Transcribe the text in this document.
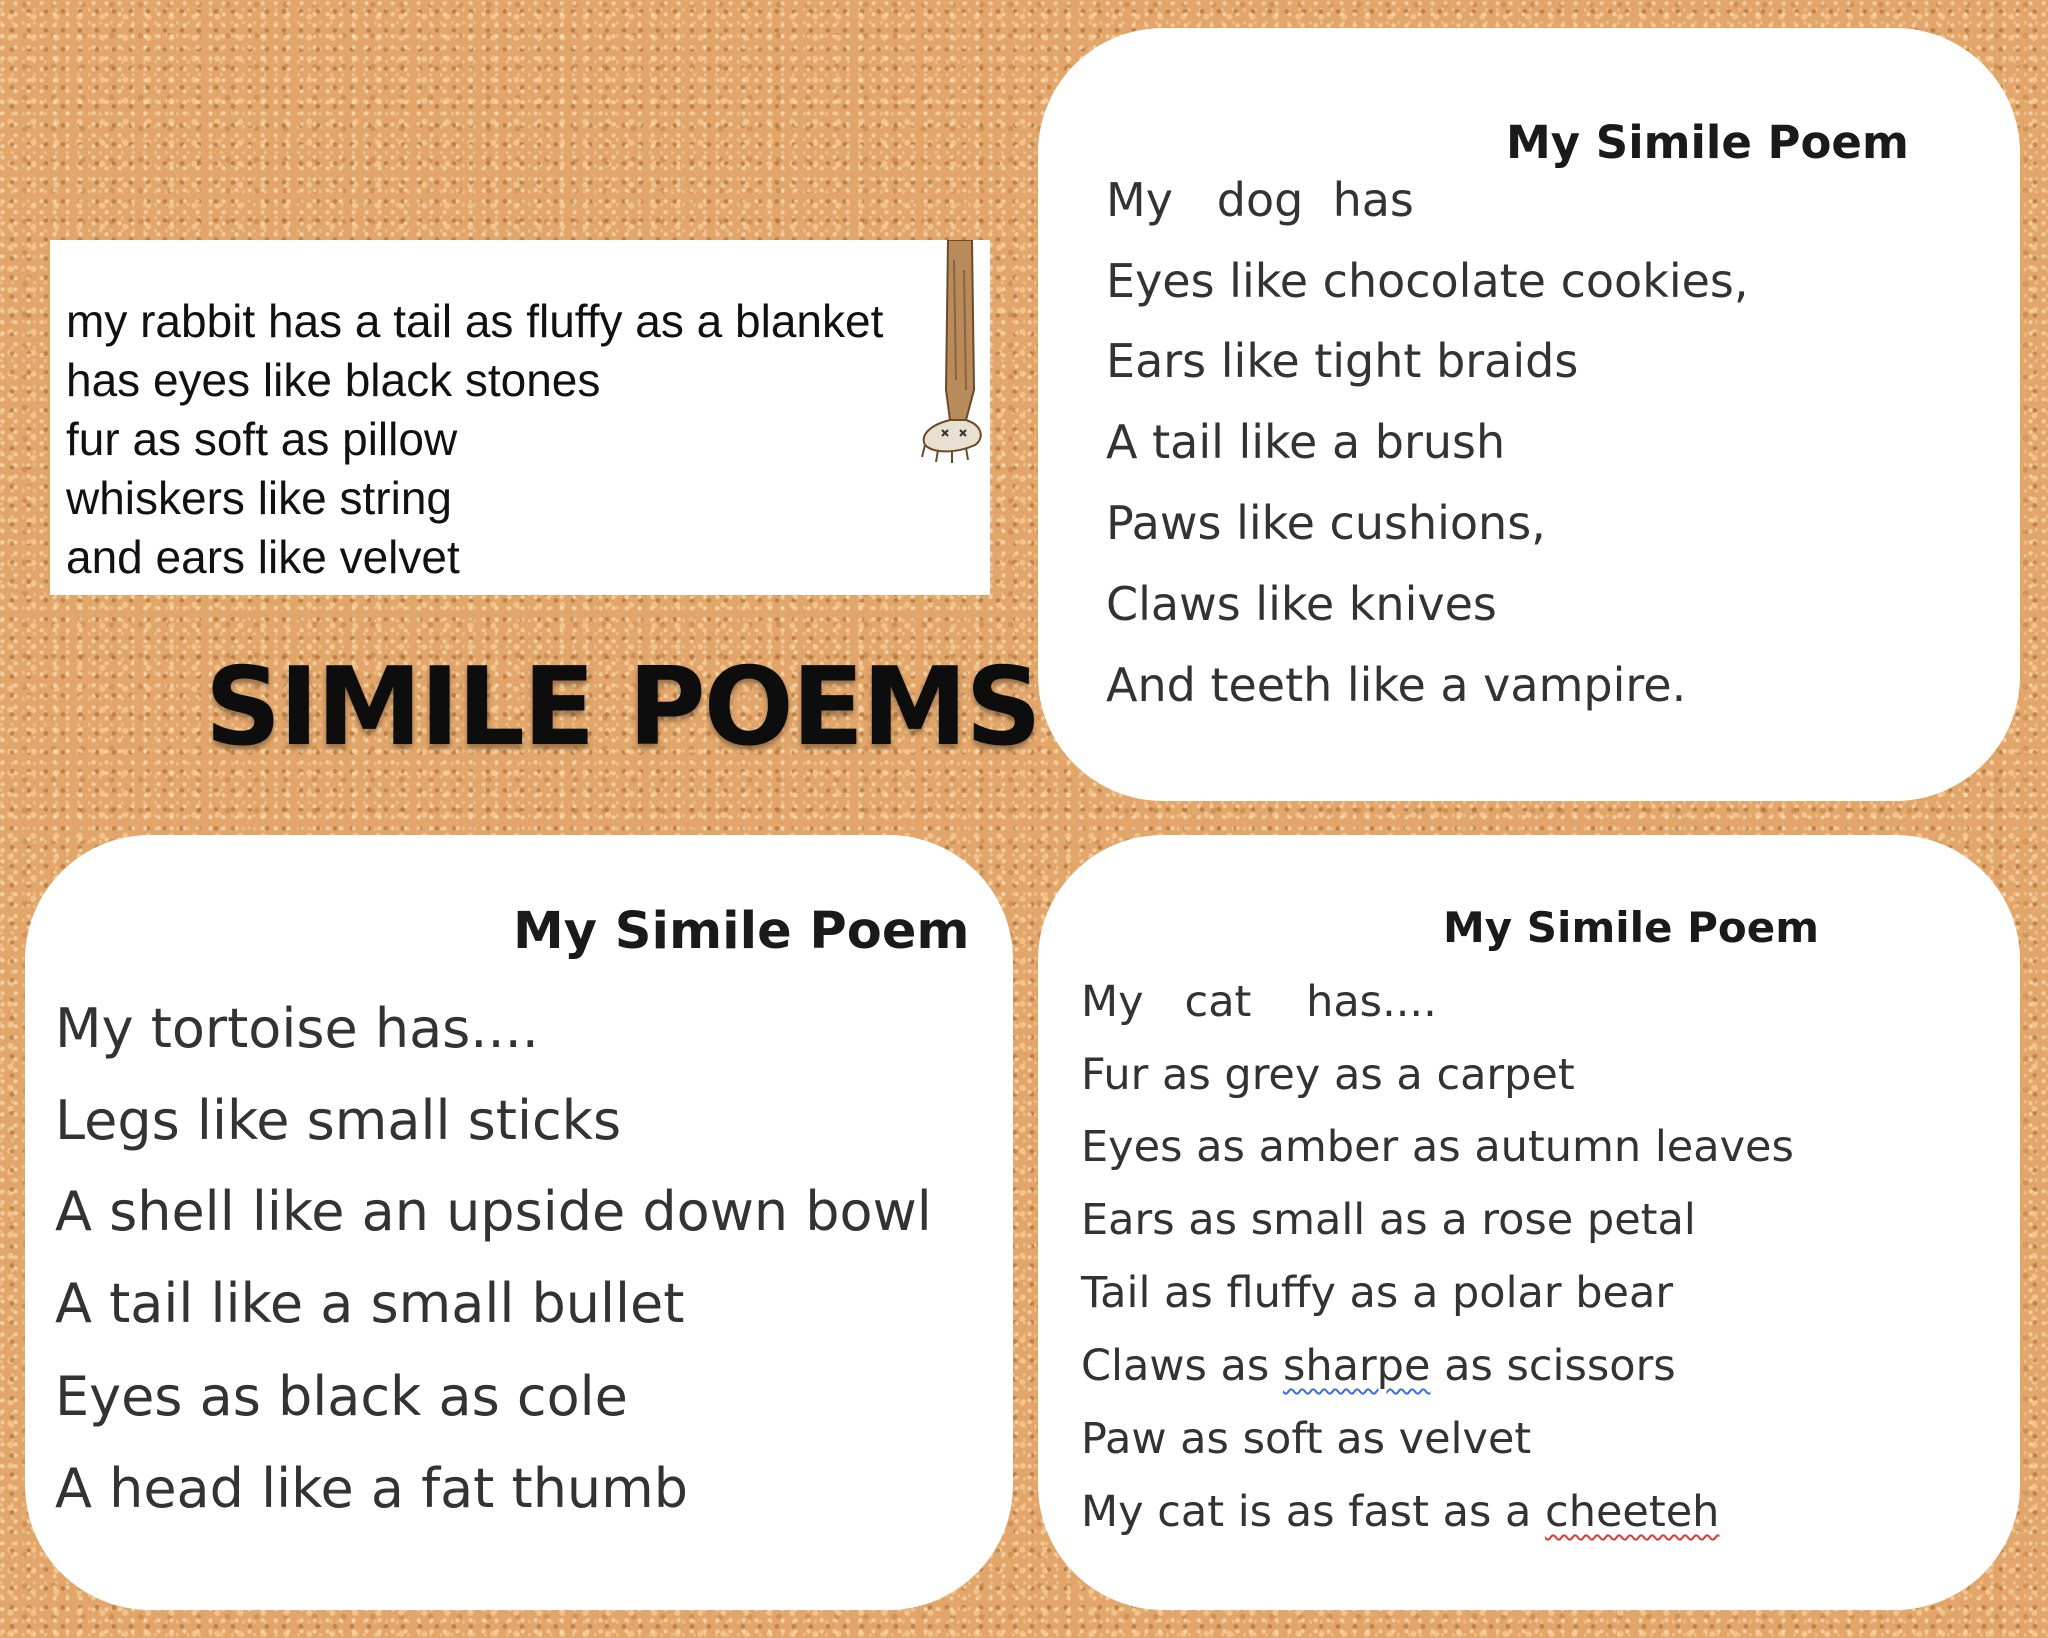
my rabbit has a tail as fluffy as a blanket
has eyes like black stones
fur as soft as pillow
whiskers like string
and ears like velvet
SIMILE POEMS
My Simile Poem
My   dog  has
Eyes like chocolate cookies,
Ears like tight braids
A tail like a brush
Paws like cushions,
Claws like knives
And teeth like a vampire.
My Simile Poem
My tortoise has....
Legs like small sticks
A shell like an upside down bowl
A tail like a small bullet
Eyes as black as cole
A head like a fat thumb
My Simile Poem
My   cat    has....
Fur as grey as a carpet
Eyes as amber as autumn leaves
Ears as small as a rose petal
Tail as fluffy as a polar bear
Claws as sharpe as scissors
Paw as soft as velvet
My cat is as fast as a cheeteh
